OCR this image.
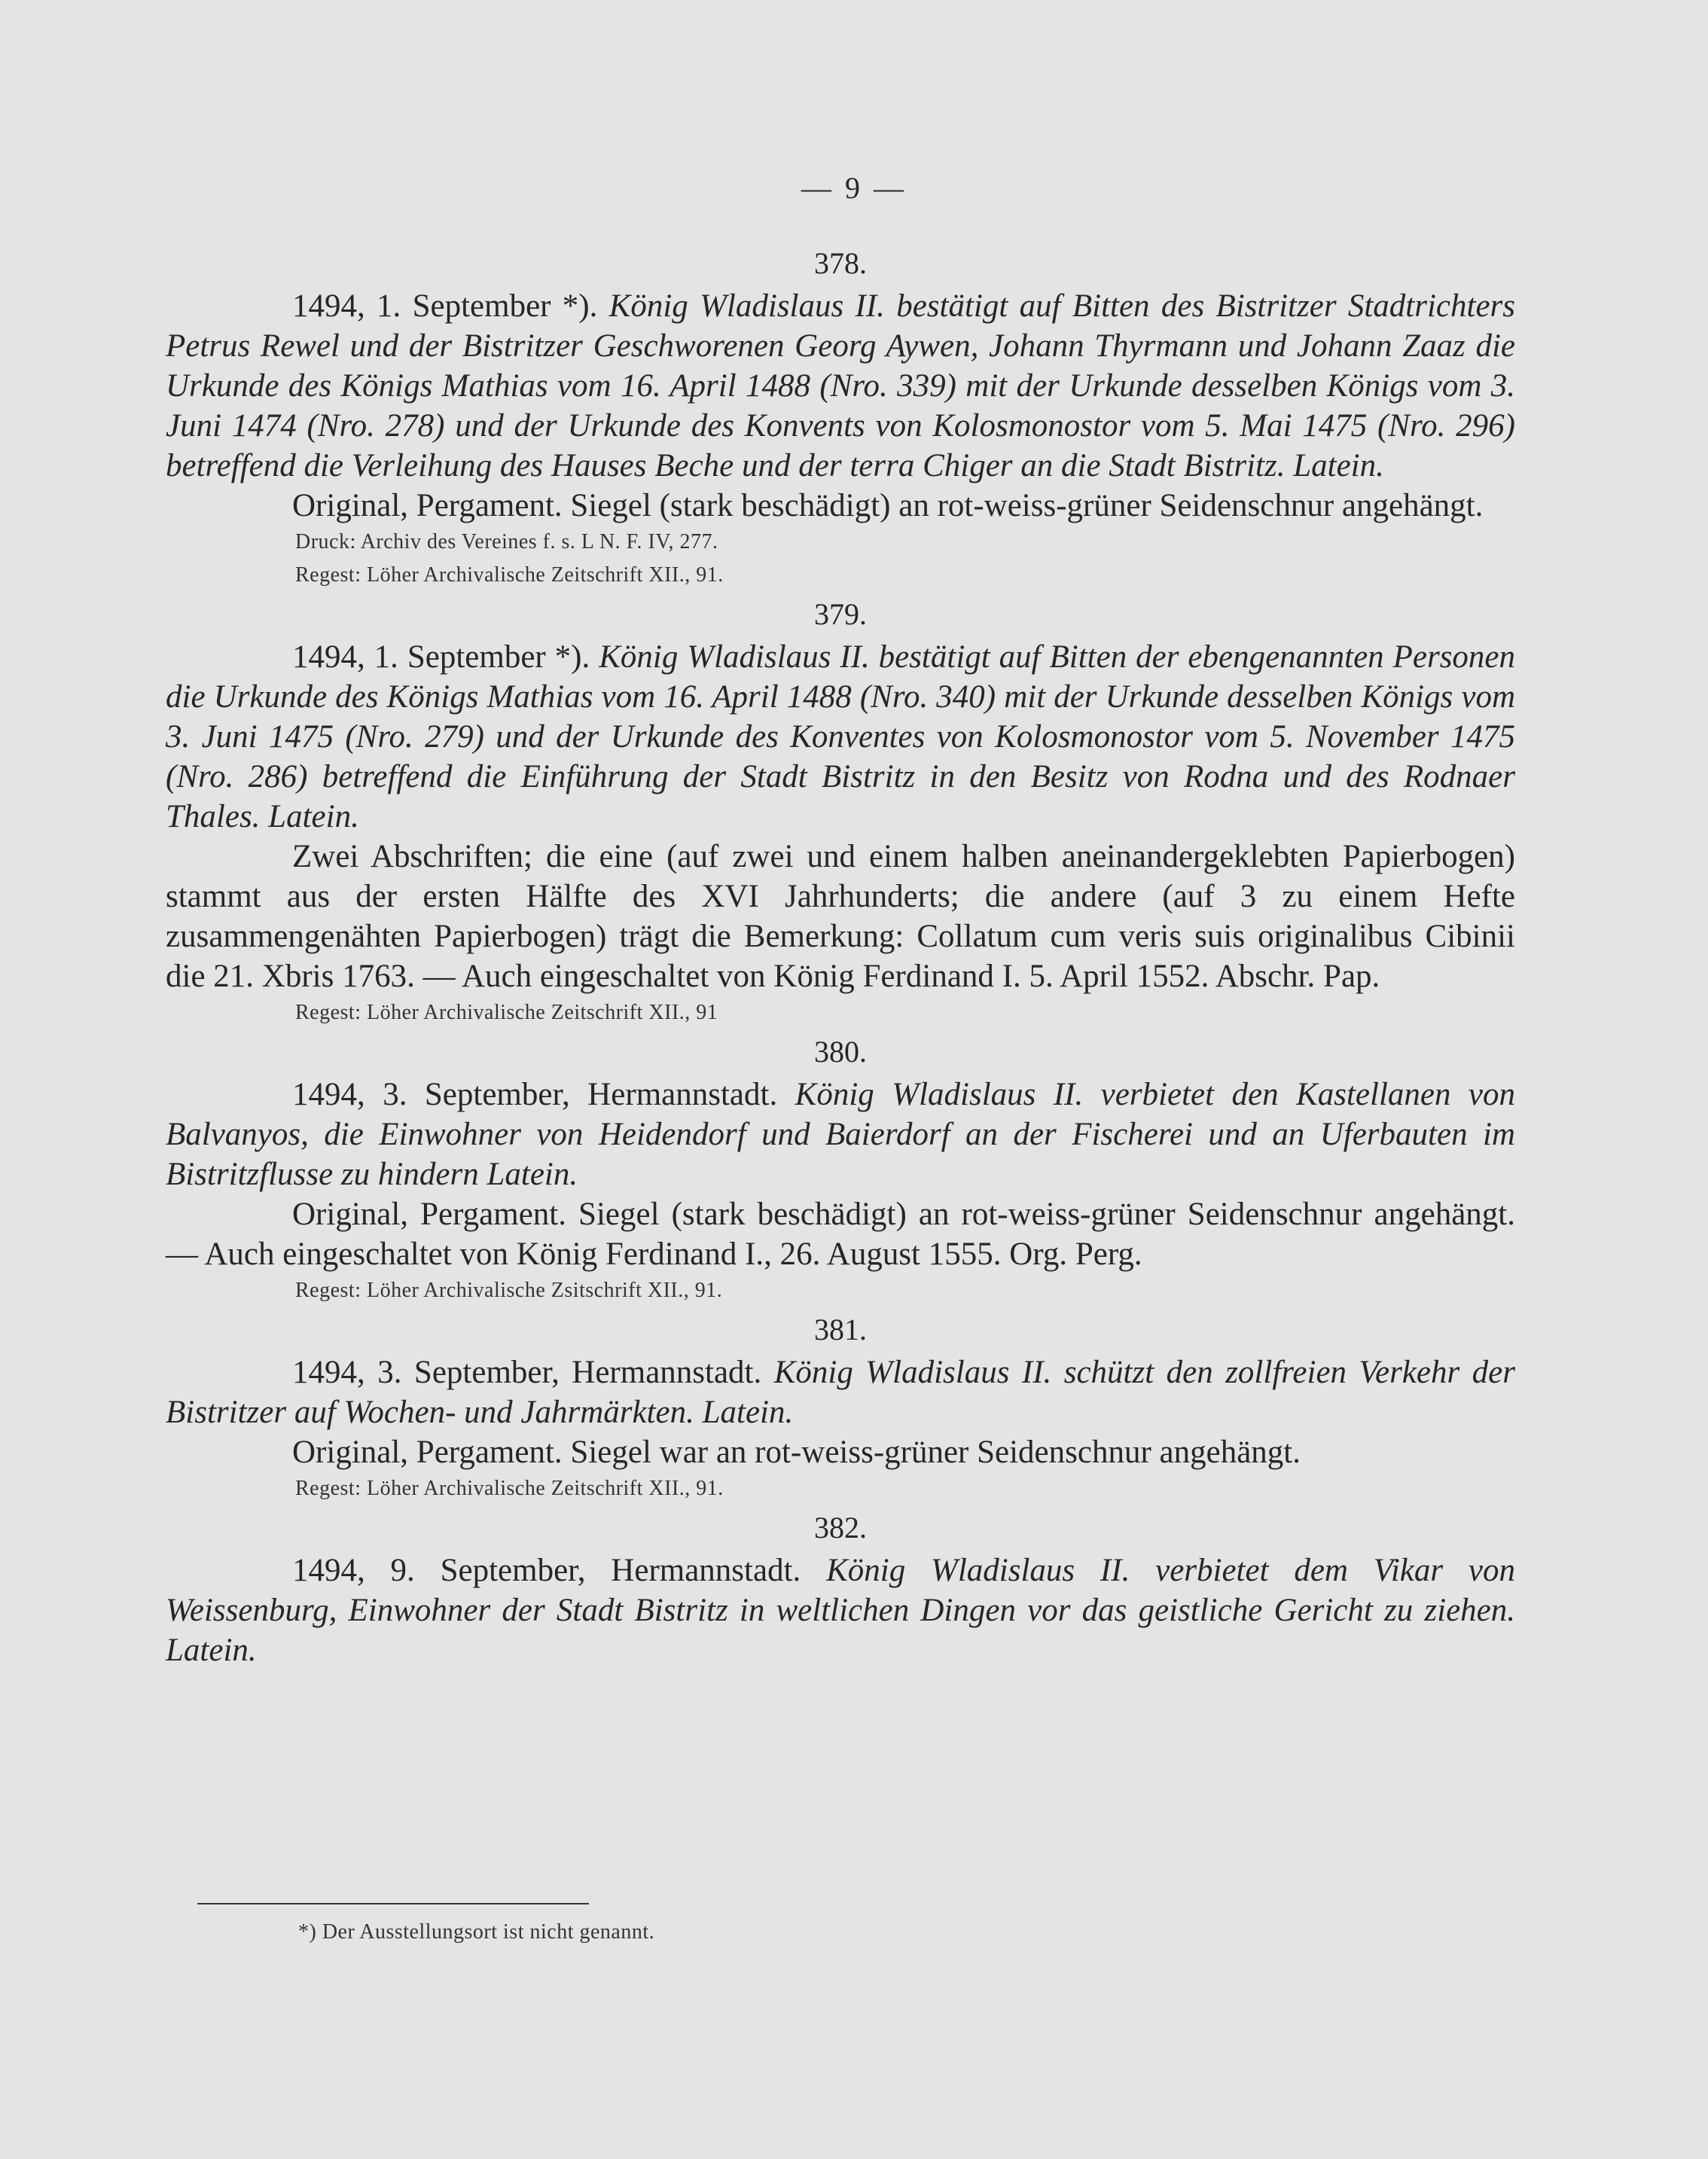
— 9 —

378.

1494, 1. September *). König Wladislaus II. bestätigt auf Bitten des Bistritzer Stadtrichters Petrus Rewel und der Bistritzer Geschworenen Georg Aywen, Johann Thyrmann und Johann Zaaz die Urkunde des Königs Mathias vom 16. April 1488 (Nro. 339) mit der Urkunde desselben Königs vom 3. Juni 1474 (Nro. 278) und der Urkunde des Konvents von Kolosmonostor vom 5. Mai 1475 (Nro. 296) betreffend die Verleihung des Hauses Beche und der terra Chiger an die Stadt Bistritz. Latein.

Original, Pergament. Siegel (stark beschädigt) an rot-weiss-grüner Seidenschnur angehängt.

Druck: Archiv des Vereines f. s. L N. F. IV, 277.

Regest: Löher Archivalische Zeitschrift XII., 91.

379.

1494, 1. September *). König Wladislaus II. bestätigt auf Bitten der ebengenannten Personen die Urkunde des Königs Mathias vom 16. April 1488 (Nro. 340) mit der Urkunde desselben Königs vom 3. Juni 1475 (Nro. 279) und der Urkunde des Konventes von Kolosmonostor vom 5. November 1475 (Nro. 286) betreffend die Einführung der Stadt Bistritz in den Besitz von Rodna und des Rodnaer Thales. Latein.

Zwei Abschriften; die eine (auf zwei und einem halben aneinandergeklebten Papierbogen) stammt aus der ersten Hälfte des XVI Jahrhunderts; die andere (auf 3 zu einem Hefte zusammengenähten Papierbogen) trägt die Bemerkung: Collatum cum veris suis originalibus Cibinii die 21. Xbris 1763. — Auch eingeschaltet von König Ferdinand I. 5. April 1552. Abschr. Pap.

Regest: Löher Archivalische Zeitschrift XII., 91

380.

1494, 3. September, Hermannstadt. König Wladislaus II. verbietet den Kastellanen von Balvanyos, die Einwohner von Heidendorf und Baierdorf an der Fischerei und an Uferbauten im Bistritzflusse zu hindern Latein.

Original, Pergament. Siegel (stark beschädigt) an rot-weiss-grüner Seidenschnur angehängt. — Auch eingeschaltet von König Ferdinand I., 26. August 1555. Org. Perg.

Regest: Löher Archivalische Zsitschrift XII., 91.

381.

1494, 3. September, Hermannstadt. König Wladislaus II. schützt den zollfreien Verkehr der Bistritzer auf Wochen- und Jahrmärkten. Latein.

Original, Pergament. Siegel war an rot-weiss-grüner Seidenschnur angehängt.

Regest: Löher Archivalische Zeitschrift XII., 91.

382.

1494, 9. September, Hermannstadt. König Wladislaus II. verbietet dem Vikar von Weissenburg, Einwohner der Stadt Bistritz in weltlichen Dingen vor das geistliche Gericht zu ziehen. Latein.

*) Der Ausstellungsort ist nicht genannt.
